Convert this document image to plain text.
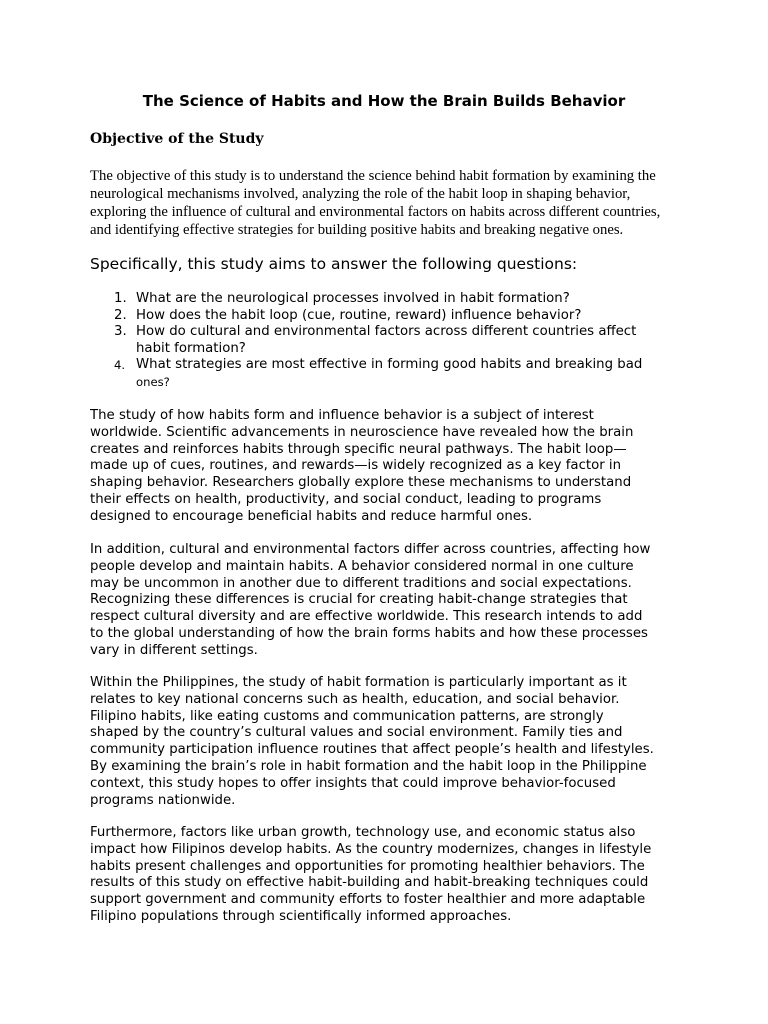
The Science of Habits and How the Brain Builds Behavior
Objective of the Study

The objective of this study is to understand the science behind habit formation by examining the
neurological mechanisms involved, analyzing the role of the habit loop in shaping behavior,
exploring the influence of cultural and environmental factors on habits across different countries,
and identifying effective strategies for building positive habits and breaking negative ones.

Specifically, this study aims to answer the following questions:

1. What are the neurological processes involved in habit formation?
2. How does the habit loop (cue, routine, reward) influence behavior?
3. How do cultural and environmental factors across different countries affect
habit formation?
4. What strategies are most effective in forming good habits and breaking bad
ones?

The study of how habits form and influence behavior is a subject of interest
worldwide. Scientific advancements in neuroscience have revealed how the brain
creates and reinforces habits through specific neural pathways. The habit loop—
made up of cues, routines, and rewards—is widely recognized as a key factor in
shaping behavior. Researchers globally explore these mechanisms to understand
their effects on health, productivity, and social conduct, leading to programs
designed to encourage beneficial habits and reduce harmful ones.

In addition, cultural and environmental factors differ across countries, affecting how
people develop and maintain habits. A behavior considered normal in one culture
may be uncommon in another due to different traditions and social expectations.
Recognizing these differences is crucial for creating habit-change strategies that
respect cultural diversity and are effective worldwide. This research intends to add
to the global understanding of how the brain forms habits and how these processes
vary in different settings.

Within the Philippines, the study of habit formation is particularly important as it
relates to key national concerns such as health, education, and social behavior.
Filipino habits, like eating customs and communication patterns, are strongly
shaped by the country’s cultural values and social environment. Family ties and
community participation influence routines that affect people’s health and lifestyles.
By examining the brain’s role in habit formation and the habit loop in the Philippine
context, this study hopes to offer insights that could improve behavior-focused
programs nationwide.

Furthermore, factors like urban growth, technology use, and economic status also
impact how Filipinos develop habits. As the country modernizes, changes in lifestyle
habits present challenges and opportunities for promoting healthier behaviors. The
results of this study on effective habit-building and habit-breaking techniques could
support government and community efforts to foster healthier and more adaptable
Filipino populations through scientifically informed approaches.
